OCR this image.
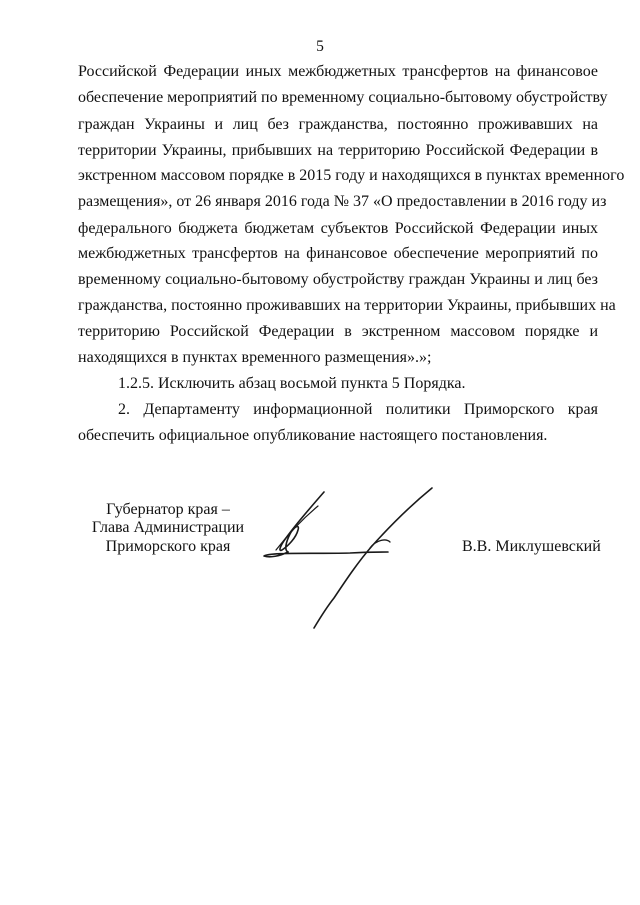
5
Российской Федерации иных межбюджетных трансфертов на финансовое
обеспечение мероприятий по временному социально-бытовому обустройству
граждан Украины и лиц без гражданства, постоянно проживавших на
территории Украины, прибывших на территорию Российской Федерации в
экстренном массовом порядке в 2015 году и находящихся в пунктах временного
размещения», от 26 января 2016 года № 37 «О предоставлении в 2016 году из
федерального бюджета бюджетам субъектов Российской Федерации иных
межбюджетных трансфертов на финансовое обеспечение мероприятий по
временному социально-бытовому обустройству граждан Украины и лиц без
гражданства, постоянно проживавших на территории Украины, прибывших на
территорию Российской Федерации в экстренном массовом порядке и
находящихся в пунктах временного размещения».»;
1.2.5. Исключить абзац восьмой пункта 5 Порядка.
2. Департаменту информационной политики Приморского края
обеспечить официальное опубликование настоящего постановления.
Губернатор края –
Глава Администрации
Приморского края	В.В. Миклушевский
